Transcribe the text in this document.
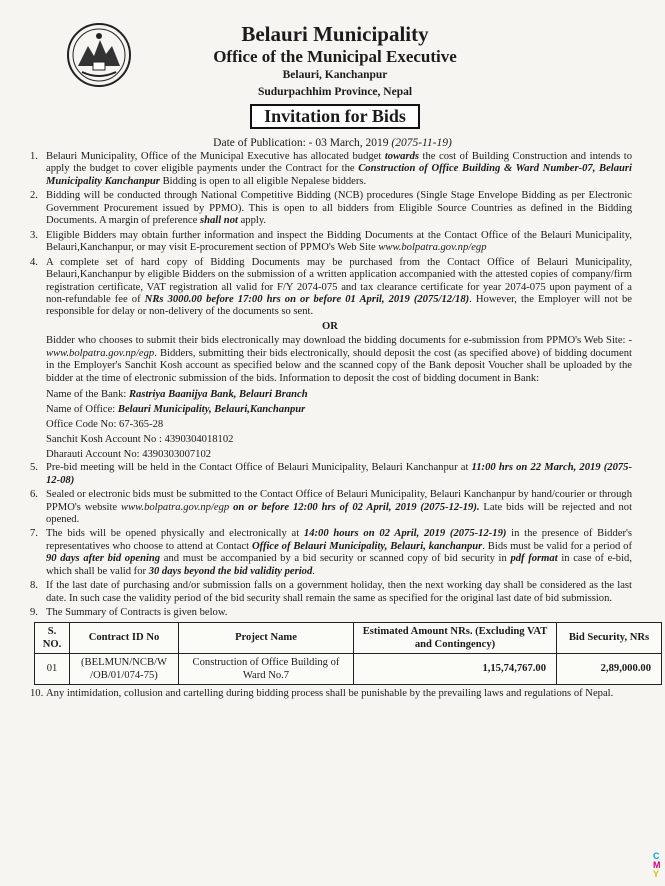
Belauri Municipality
Office of the Municipal Executive
Belauri, Kanchanpur
Sudurpachhim Province, Nepal
Invitation for Bids
Date of Publication: - 03 March, 2019 (2075-11-19)
1. Belauri Municipality, Office of the Municipal Executive has allocated budget towards the cost of Building Construction and intends to apply the budget to cover eligible payments under the Contract for the Construction of Office Building & Ward Number-07, Belauri Municipality Kanchanpur Bidding is open to all eligible Nepalese bidders.
2. Bidding will be conducted through National Competitive Bidding (NCB) procedures (Single Stage Envelope Bidding as per Electronic Government Procurement issued by PPMO). This is open to all bidders from Eligible Source Countries as defined in the Bidding Documents. A margin of preference shall not apply.
3. Eligible Bidders may obtain further information and inspect the Bidding Documents at the Contact Office of the Belauri Municipality, Belauri,Kanchanpur, or may visit E-procurement section of PPMO's Web Site www.bolpatra.gov.np/egp
4. A complete set of hard copy of Bidding Documents may be purchased from the Contact Office of Belauri Municipality, Belauri,Kanchanpur by eligible Bidders on the submission of a written application accompanied with the attested copies of company/firm registration certificate, VAT registration all valid for F/Y 2074-075 and tax clearance certificate for year 2074-075 upon payment of a non-refundable fee of NRs 3000.00 before 17:00 hrs on or before 01 April, 2019 (2075/12/18). However, the Employer will not be responsible for delay or non-delivery of the documents so sent.
OR
Bidder who chooses to submit their bids electronically may download the bidding documents for e-submission from PPMO's Web Site: - www.bolpatra.gov.np/egp. Bidders, submitting their bids electronically, should deposit the cost (as specified above) of bidding document in the Employer's Sanchit Kosh account as specified below and the scanned copy of the Bank deposit Voucher shall be uploaded by the bidder at the time of electronic submission of the bids. Information to deposit the cost of bidding document in Bank:
Name of the Bank: Rastriya Baanijya Bank, Belauri Branch
Name of Office: Belauri Municipality, Belauri,Kanchanpur
Office Code No: 67-365-28
Sanchit Kosh Account No : 4390304018102
Dharauti Account No: 4390303007102
5. Pre-bid meeting will be held in the Contact Office of Belauri Municipality, Belauri Kanchanpur at 11:00 hrs on 22 March, 2019 (2075-12-08)
6. Sealed or electronic bids must be submitted to the Contact Office of Belauri Municipality, Belauri Kanchanpur by hand/courier or through PPMO's website www.bolpatra.gov.np/egp on or before 12:00 hrs of 02 April, 2019 (2075-12-19). Late bids will be rejected and not opened.
7. The bids will be opened physically and electronically at 14:00 hours on 02 April, 2019 (2075-12-19) in the presence of Bidder's representatives who choose to attend at Contact Office of Belauri Municipality, Belauri, kanchanpur. Bids must be valid for a period of 90 days after bid opening and must be accompanied by a bid security or scanned copy of bid security in pdf format in case of e-bid, which shall be valid for 30 days beyond the bid validity period.
8. If the last date of purchasing and/or submission falls on a government holiday, then the next working day shall be considered as the last date. In such case the validity period of the bid security shall remain the same as specified for the original last date of bid submission.
9. The Summary of Contracts is given below.
S. NO.	Contract ID No	Project Name	Estimated Amount NRs. (Excluding VAT and Contingency)	Bid Security, NRs
01	(BELMUN/NCB/W /OB/01/074-75)	Construction of Office Building of Ward No.7	1,15,74,767.00	2,89,000.00
10. Any intimidation, collusion and cartelling during bidding process shall be punishable by the prevailing laws and regulations of Nepal.
C
M
Y
